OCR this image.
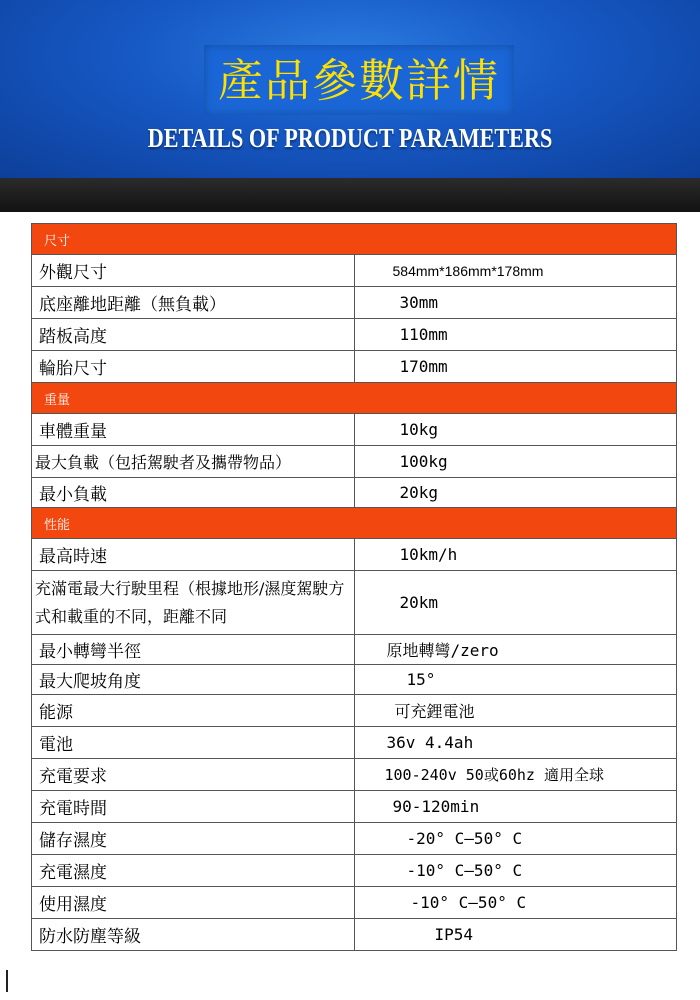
產品參數詳情
DETAILS OF PRODUCT PARAMETERS
尺寸	
外觀尺寸	584mm*186mm*178mm
底座離地距離（無負載）	30mm
踏板高度	110mm
輪胎尺寸	170mm
重量	
車體重量	10kg
最大負載（包括駕駛者及攜帶物品）	100kg
最小負載	20kg
性能	
最高時速	10km/h
充滿電最大行駛里程（根據地形/濕度駕駛方式和載重的不同，距離不同	20km
最小轉彎半徑	原地轉彎/zero
最大爬坡角度	15°
能源	可充鋰電池
電池	36v 4.4ah
充電要求	100-240v 50或60hz 適用全球
充電時間	90-120min
儲存濕度	-20° C—50° C
充電濕度	-10° C—50° C
使用濕度	-10° C—50° C
防水防塵等級	IP54
